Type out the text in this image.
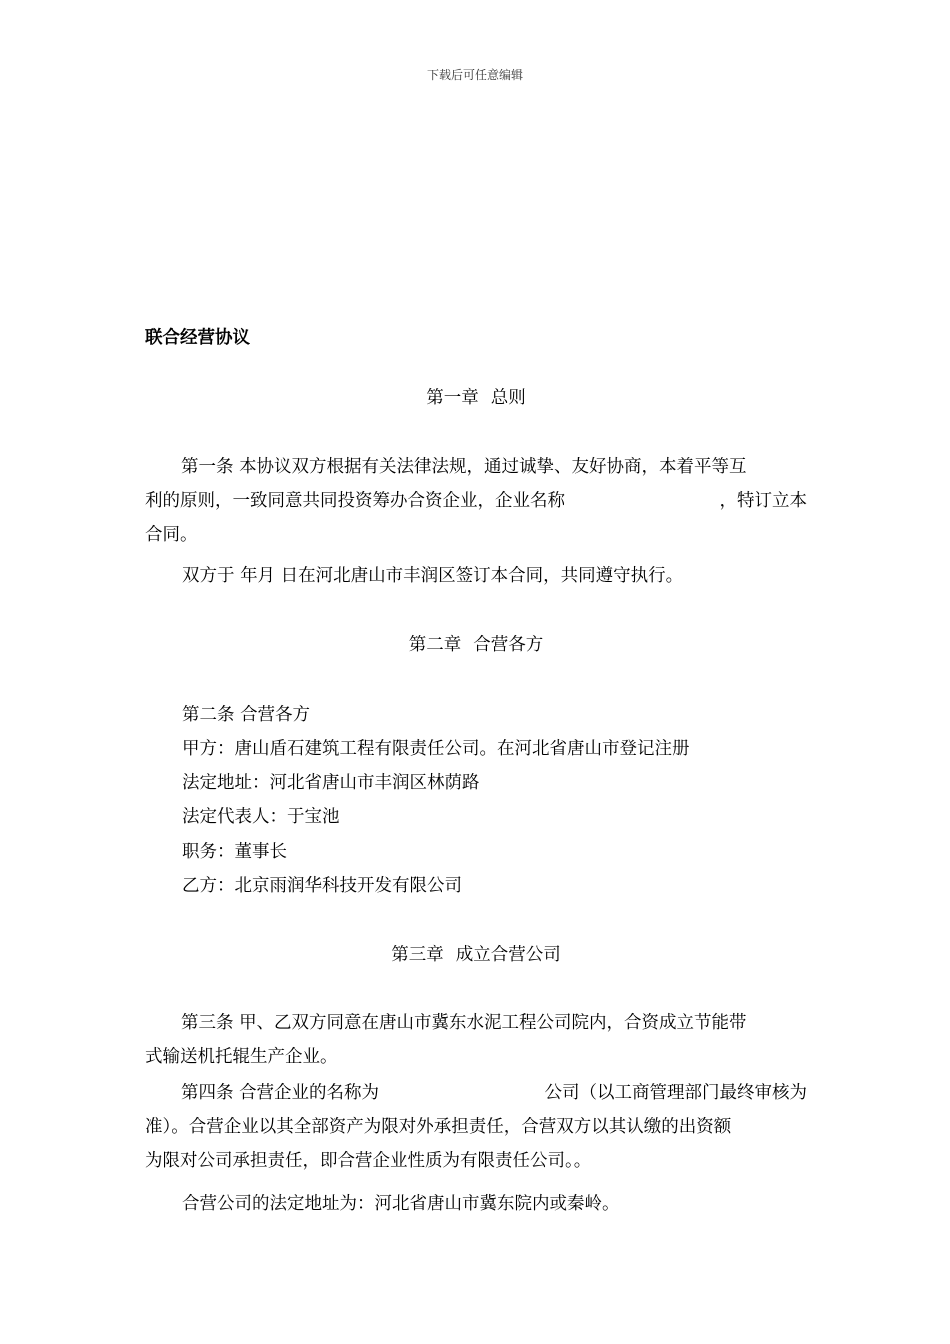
下载后可任意编辑
联合经营协议
第一章 总则
第一条 本协议双方根据有关法律法规，通过诚挚、友好协商，本着平等互
利的原则，一致同意共同投资筹办合资企业，企业名称	，特订立本
合同。
双方于 年月 日在河北唐山市丰润区签订本合同，共同遵守执行。
第二章 合营各方
第二条 合营各方
甲方：唐山盾石建筑工程有限责任公司。在河北省唐山市登记注册
法定地址：河北省唐山市丰润区林荫路
法定代表人：于宝池
职务：董事长
乙方：北京雨润华科技开发有限公司
第三章 成立合营公司
第三条 甲、乙双方同意在唐山市冀东水泥工程公司院内，合资成立节能带
式输送机托辊生产企业。
第四条 合营企业的名称为	公司（以工商管理部门最终审核为
准）。合营企业以其全部资产为限对外承担责任，合营双方以其认缴的出资额
为限对公司承担责任，即合营企业性质为有限责任公司。。
合营公司的法定地址为：河北省唐山市冀东院内或秦岭。
